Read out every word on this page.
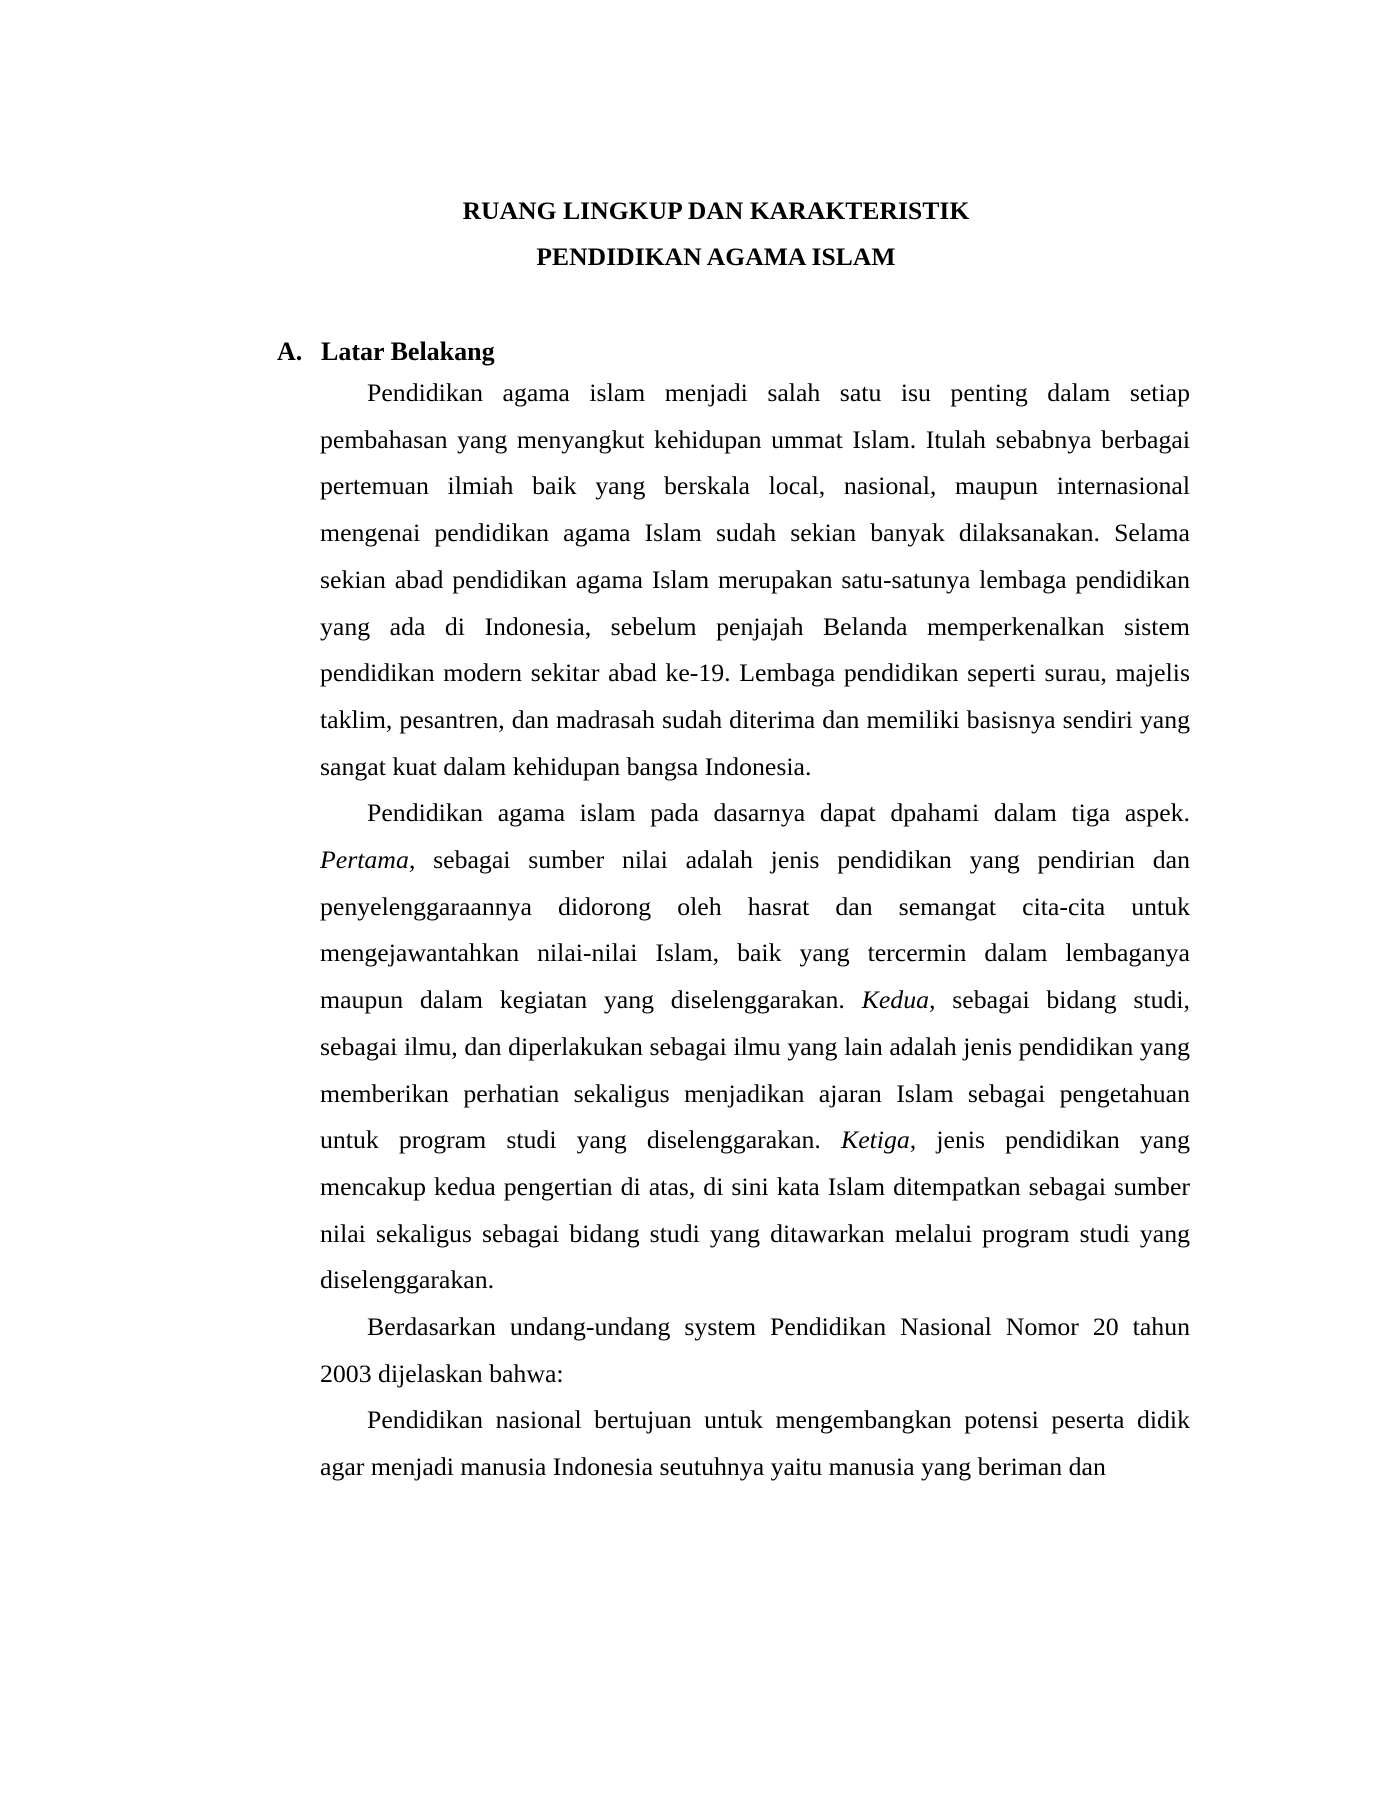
RUANG LINGKUP DAN KARAKTERISTIK
PENDIDIKAN AGAMA ISLAM
A. Latar Belakang

Pendidikan agama islam menjadi salah satu isu penting dalam setiap pembahasan yang menyangkut kehidupan ummat Islam. Itulah sebabnya berbagai pertemuan ilmiah baik yang berskala local, nasional, maupun internasional mengenai pendidikan agama Islam sudah sekian banyak dilaksanakan. Selama sekian abad pendidikan agama Islam merupakan satu-satunya lembaga pendidikan yang ada di Indonesia, sebelum penjajah Belanda memperkenalkan sistem pendidikan modern sekitar abad ke-19. Lembaga pendidikan seperti surau, majelis taklim, pesantren, dan madrasah sudah diterima dan memiliki basisnya sendiri yang sangat kuat dalam kehidupan bangsa Indonesia.

Pendidikan agama islam pada dasarnya dapat dpahami dalam tiga aspek. Pertama, sebagai sumber nilai adalah jenis pendidikan yang pendirian dan penyelenggaraannya didorong oleh hasrat dan semangat cita-cita untuk mengejawantahkan nilai-nilai Islam, baik yang tercermin dalam lembaganya maupun dalam kegiatan yang diselenggarakan. Kedua, sebagai bidang studi, sebagai ilmu, dan diperlakukan sebagai ilmu yang lain adalah jenis pendidikan yang memberikan perhatian sekaligus menjadikan ajaran Islam sebagai pengetahuan untuk program studi yang diselenggarakan. Ketiga, jenis pendidikan yang mencakup kedua pengertian di atas, di sini kata Islam ditempatkan sebagai sumber nilai sekaligus sebagai bidang studi yang ditawarkan melalui program studi yang diselenggarakan.

Berdasarkan undang-undang system Pendidikan Nasional Nomor 20 tahun 2003 dijelaskan bahwa:

Pendidikan nasional bertujuan untuk mengembangkan potensi peserta didik agar menjadi manusia Indonesia seutuhnya yaitu manusia yang beriman dan
